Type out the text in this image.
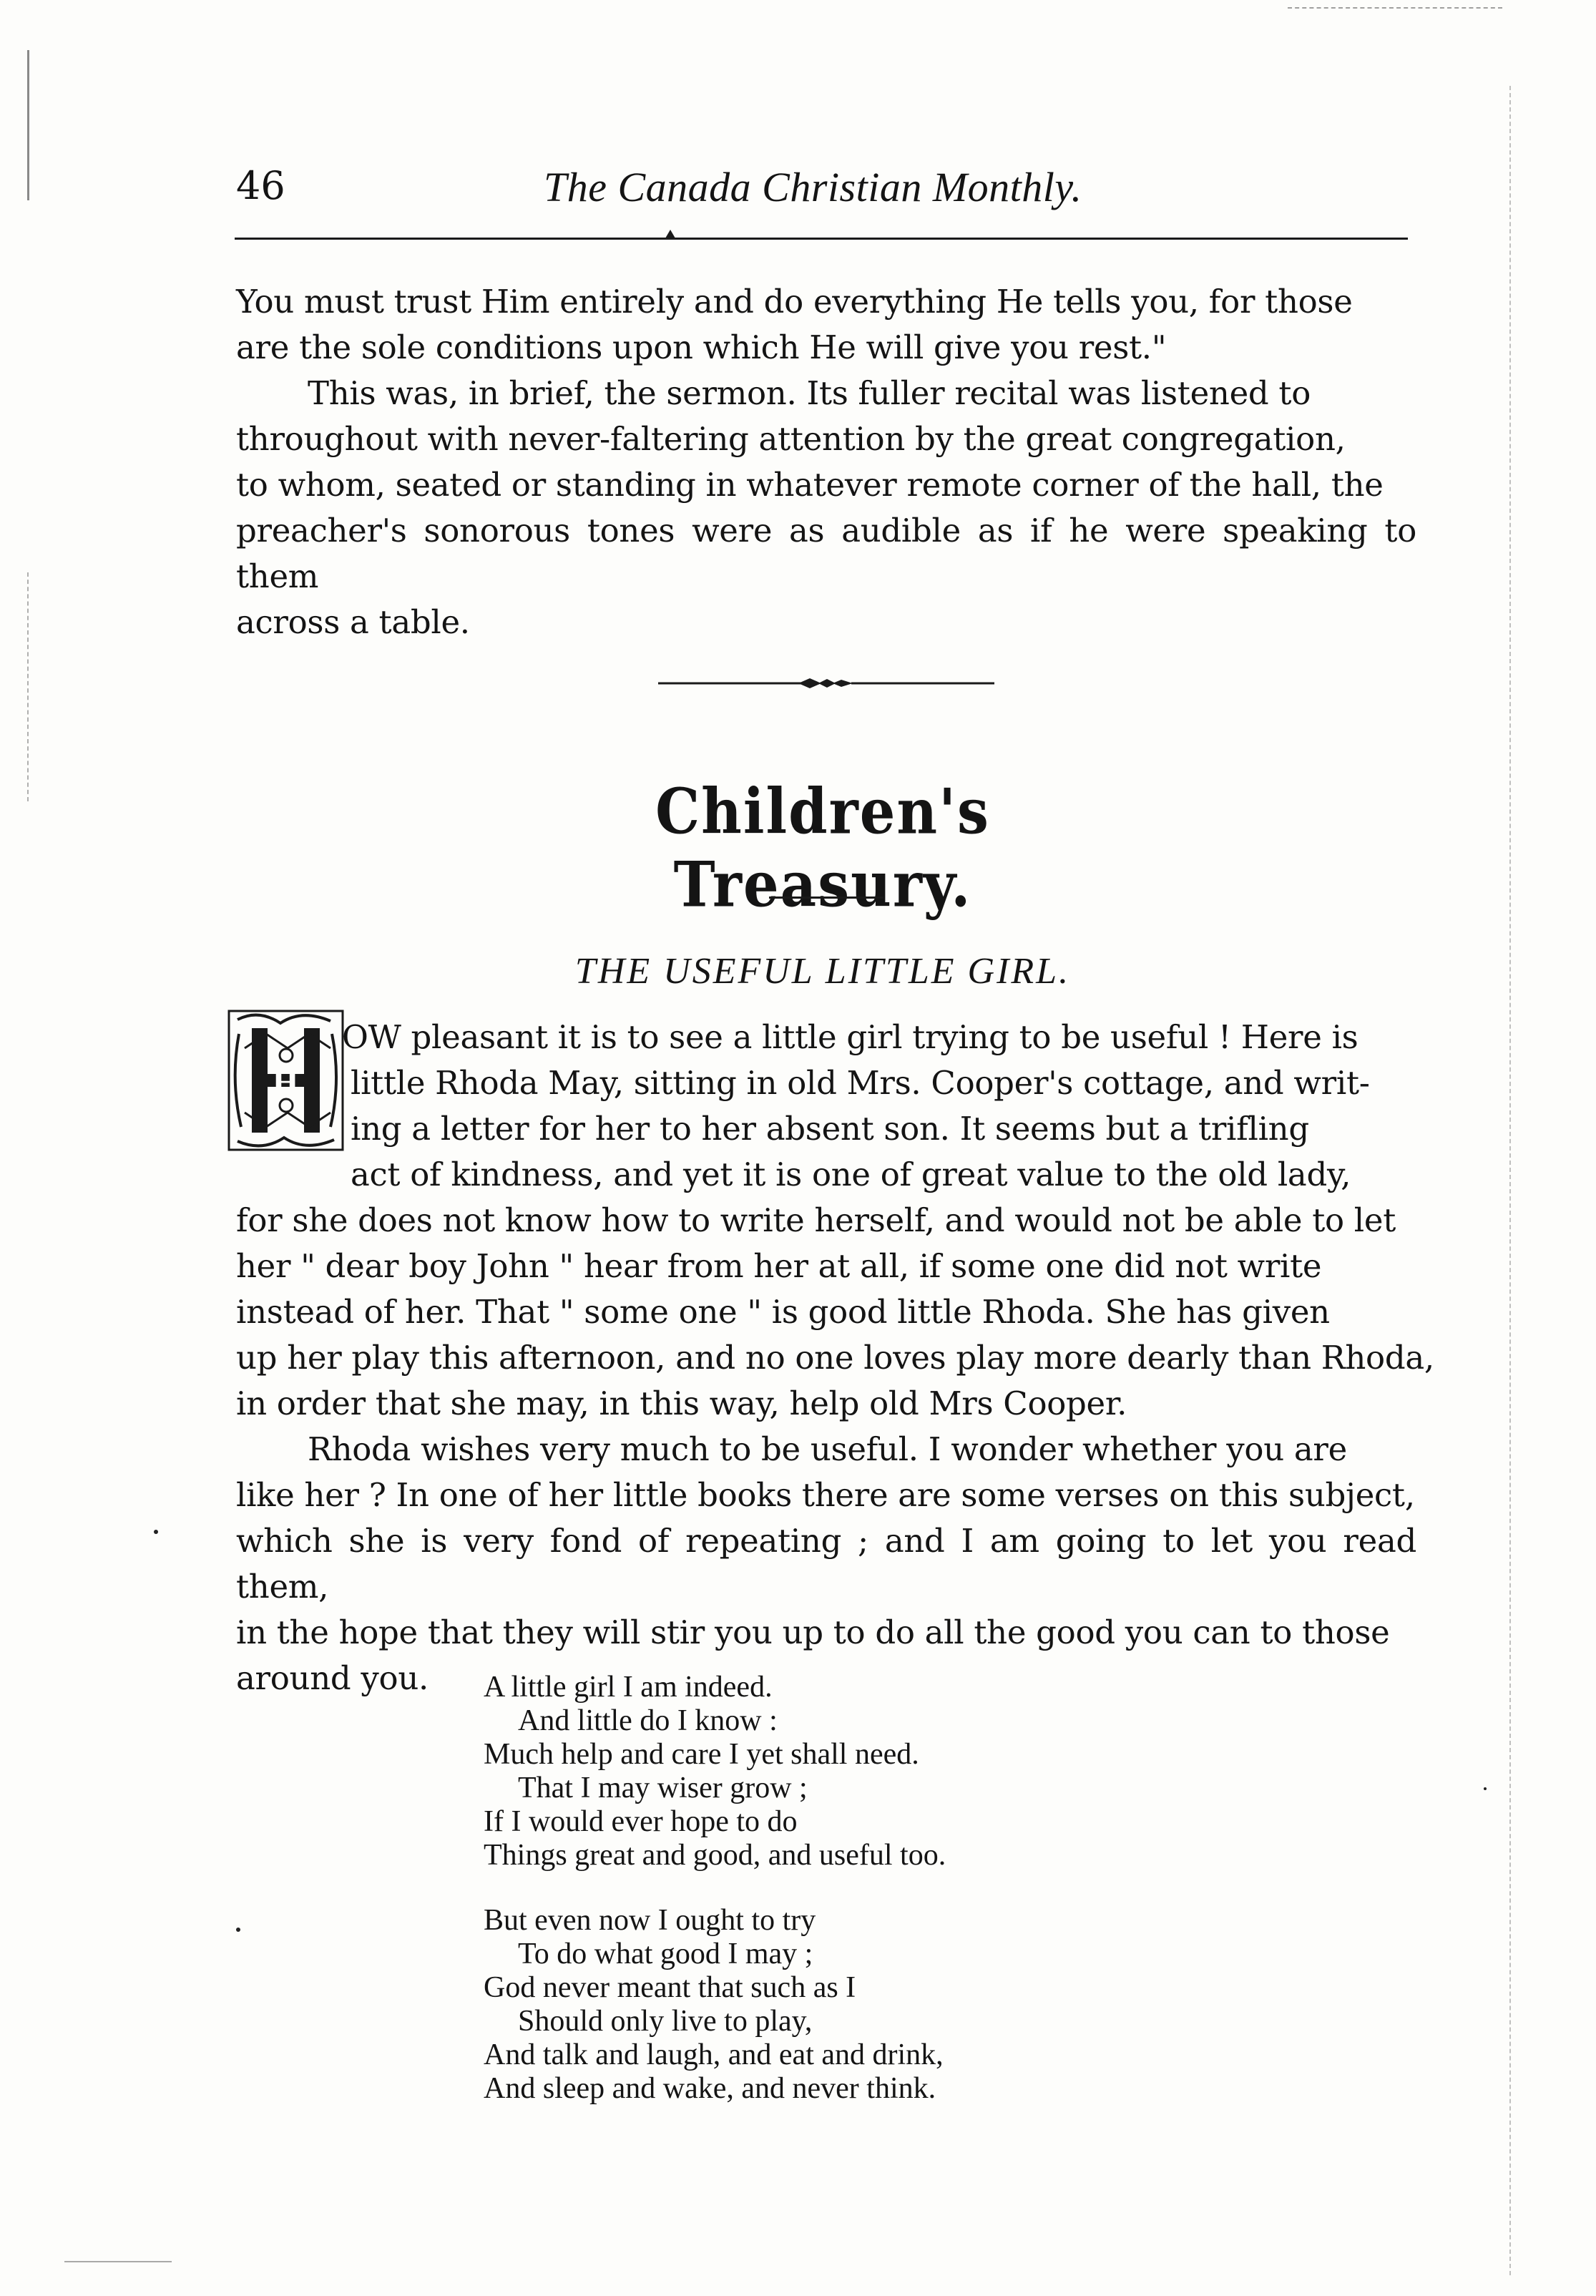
46	The Canada Christian Monthly.

You must trust Him entirely and do everything He tells you, for those

are the sole conditions upon which He will give you rest."

This was, in brief, the sermon. Its fuller recital was listened to

throughout with never-faltering attention by the great congregation,

to whom, seated or standing in whatever remote corner of the hall, the

preacher's sonorous tones were as audible as if he were speaking to them

across a table.

Children's Treasury.
THE USEFUL LITTLE GIRL.
H
OW pleasant it is to see a little girl trying to be useful ! Here is
little Rhoda May, sitting in old Mrs. Cooper's cottage, and writ-
ing a letter for her to her absent son. It seems but a trifling
act of kindness, and yet it is one of great value to the old lady,
for she does not know how to write herself, and would not be able to let
her " dear boy John " hear from her at all, if some one did not write
instead of her. That " some one " is good little Rhoda. She has given
up her play this afternoon, and no one loves play more dearly than Rhoda,
in order that she may, in this way, help old Mrs Cooper.

Rhoda wishes very much to be useful. I wonder whether you are

like her ? In one of her little books there are some verses on this subject,

which she is very fond of repeating ; and I am going to let you read them,

in the hope that they will stir you up to do all the good you can to those

around you.	A little girl I am indeed.
And little do I know :
Much help and care I yet shall need.
That I may wiser grow ;
If I would ever hope to do
Things great and good, and useful too.
But even now I ought to try
To do what good I may ;
God never meant that such as I
Should only live to play,
And talk and laugh, and eat and drink,
And sleep and wake, and never think.
